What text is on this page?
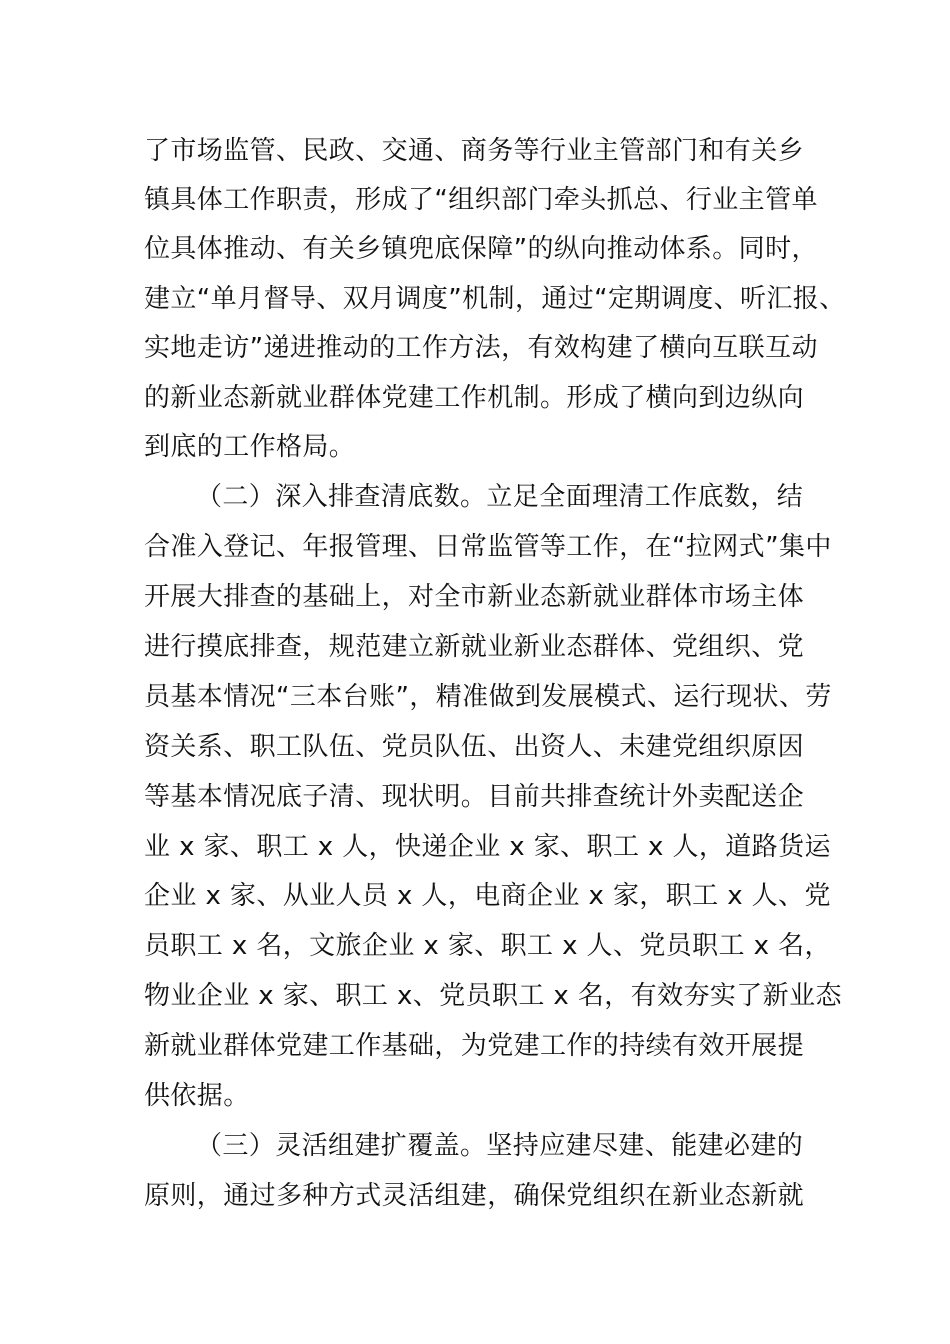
了市场监管、民政、交通、商务等行业主管部门和有关乡
镇具体工作职责，形成了“组织部门牵头抓总、行业主管单
位具体推动、有关乡镇兜底保障”的纵向推动体系。同时，
建立“单月督导、双月调度”机制，通过“定期调度、听汇报、
实地走访”递进推动的工作方法，有效构建了横向互联互动
的新业态新就业群体党建工作机制。形成了横向到边纵向
到底的工作格局。
（二）深入排查清底数。立足全面理清工作底数，结
合准入登记、年报管理、日常监管等工作，在“拉网式”集中
开展大排查的基础上，对全市新业态新就业群体市场主体
进行摸底排查，规范建立新就业新业态群体、党组织、党
员基本情况“三本台账”，精准做到发展模式、运行现状、劳
资关系、职工队伍、党员队伍、出资人、未建党组织原因
等基本情况底子清、现状明。目前共排查统计外卖配送企
业 x 家、职工 x 人，快递企业 x 家、职工 x 人，道路货运
企业 x 家、从业人员 x 人，电商企业 x 家，职工 x 人、党
员职工 x 名，文旅企业 x 家、职工 x 人、党员职工 x 名，
物业企业 x 家、职工 x、党员职工 x 名，有效夯实了新业态
新就业群体党建工作基础，为党建工作的持续有效开展提
供依据。
（三）灵活组建扩覆盖。坚持应建尽建、能建必建的
原则，通过多种方式灵活组建，确保党组织在新业态新就
